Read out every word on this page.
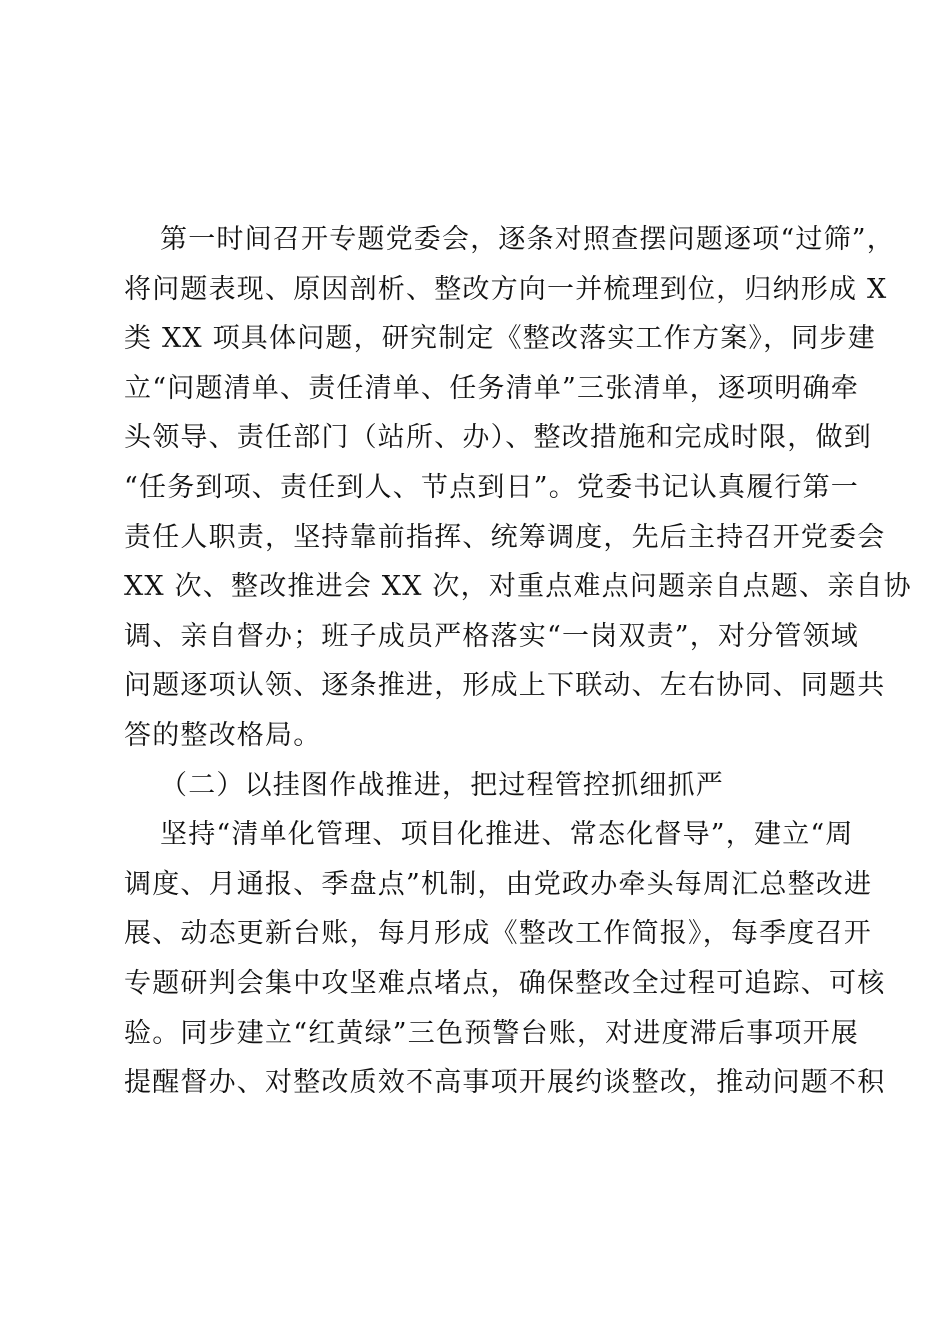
第一时间召开专题党委会，逐条对照查摆问题逐项“过筛”，
将问题表现、原因剖析、整改方向一并梳理到位，归纳形成 X
类 XX 项具体问题，研究制定《整改落实工作方案》，同步建
立“问题清单、责任清单、任务清单”三张清单，逐项明确牵
头领导、责任部门（站所、办）、整改措施和完成时限，做到
“任务到项、责任到人、节点到日”。党委书记认真履行第一
责任人职责，坚持靠前指挥、统筹调度，先后主持召开党委会
XX 次、整改推进会 XX 次，对重点难点问题亲自点题、亲自协
调、亲自督办；班子成员严格落实“一岗双责”，对分管领域
问题逐项认领、逐条推进，形成上下联动、左右协同、同题共
答的整改格局。
（二）以挂图作战推进，把过程管控抓细抓严
坚持“清单化管理、项目化推进、常态化督导”，建立“周
调度、月通报、季盘点”机制，由党政办牵头每周汇总整改进
展、动态更新台账，每月形成《整改工作简报》，每季度召开
专题研判会集中攻坚难点堵点，确保整改全过程可追踪、可核
验。同步建立“红黄绿”三色预警台账，对进度滞后事项开展
提醒督办、对整改质效不高事项开展约谈整改，推动问题不积
